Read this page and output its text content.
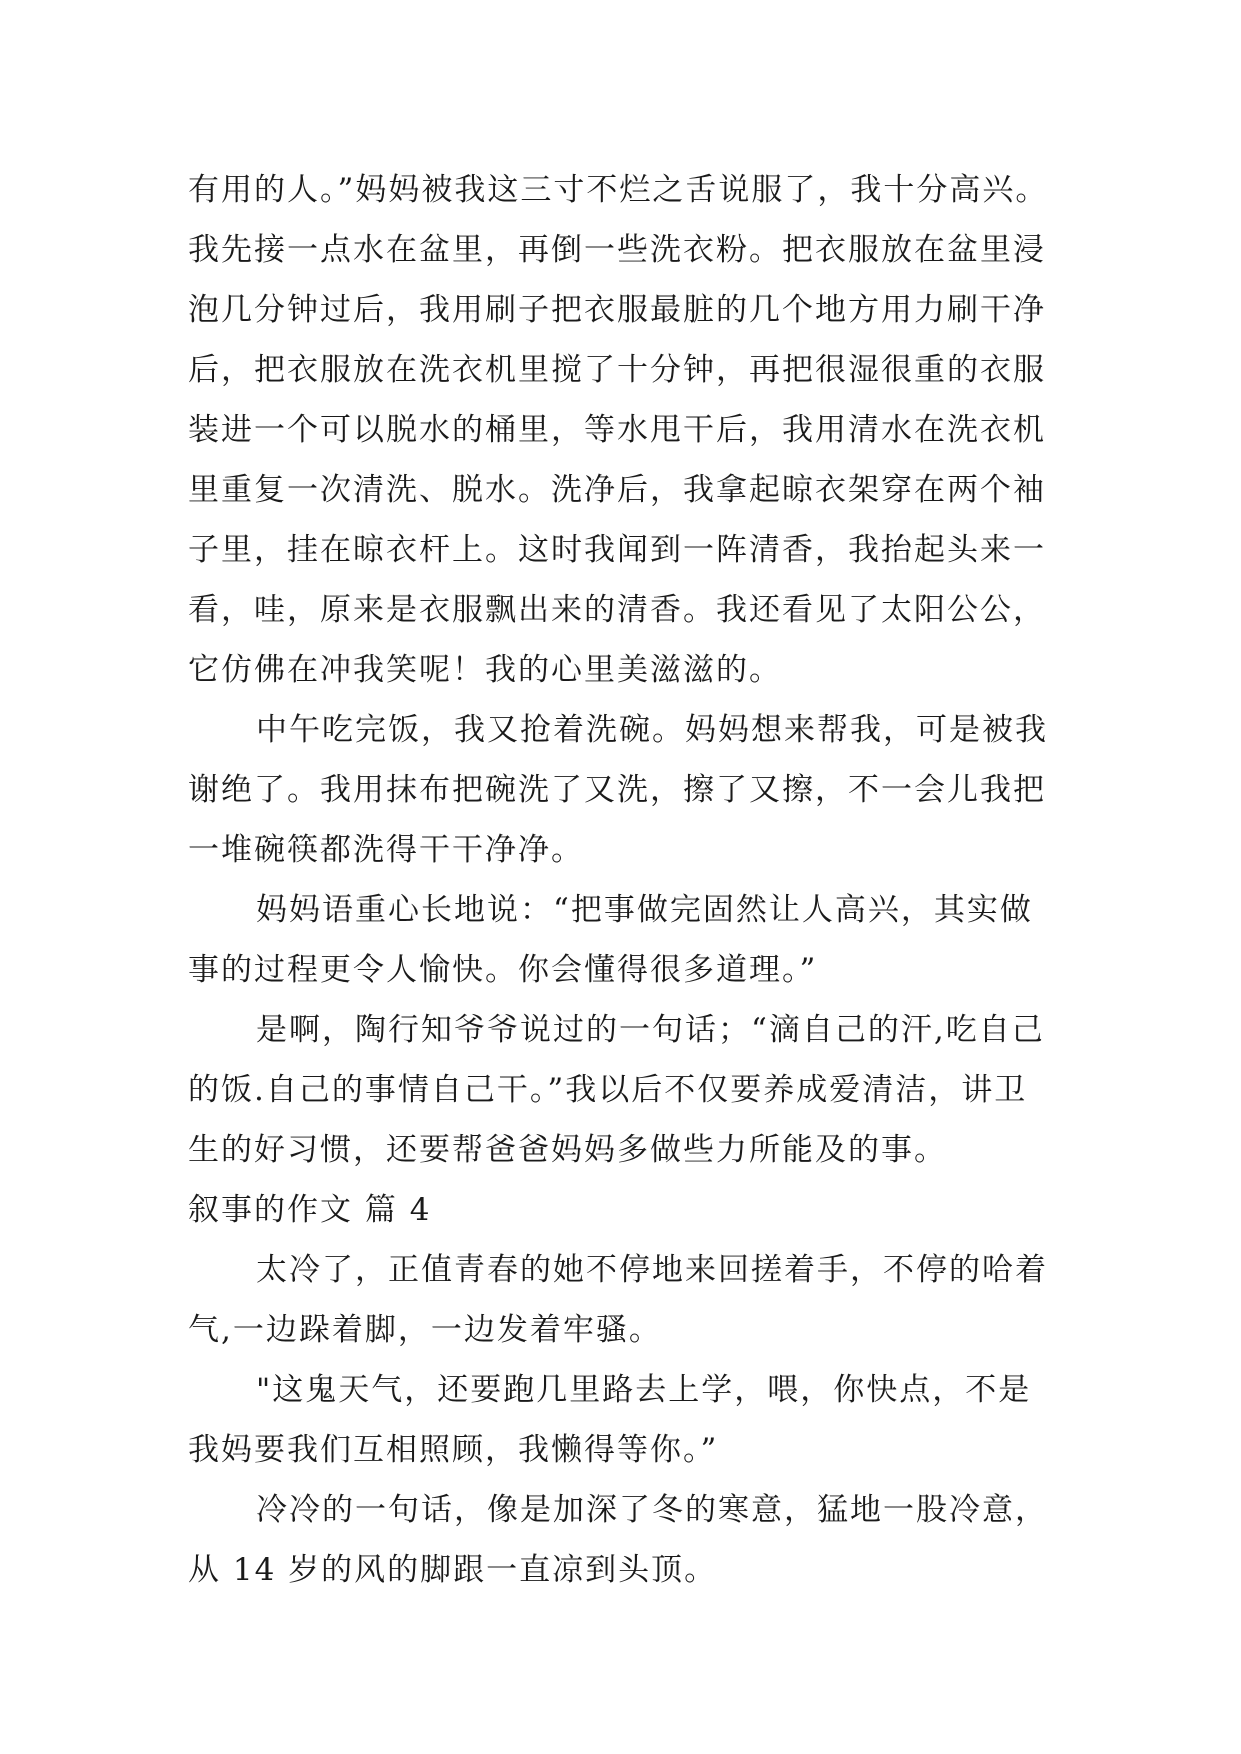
有用的人。”妈妈被我这三寸不烂之舌说服了，我十分高兴。
我先接一点水在盆里，再倒一些洗衣粉。把衣服放在盆里浸
泡几分钟过后，我用刷子把衣服最脏的几个地方用力刷干净
后，把衣服放在洗衣机里搅了十分钟，再把很湿很重的衣服
装进一个可以脱水的桶里，等水甩干后，我用清水在洗衣机
里重复一次清洗、脱水。洗净后，我拿起晾衣架穿在两个袖
子里，挂在晾衣杆上。这时我闻到一阵清香，我抬起头来一
看，哇，原来是衣服飘出来的清香。我还看见了太阳公公，
它仿佛在冲我笑呢！我的心里美滋滋的。
中午吃完饭，我又抢着洗碗。妈妈想来帮我，可是被我
谢绝了。我用抹布把碗洗了又洗，擦了又擦，不一会儿我把
一堆碗筷都洗得干干净净。
妈妈语重心长地说：“把事做完固然让人高兴，其实做
事的过程更令人愉快。你会懂得很多道理。”
是啊，陶行知爷爷说过的一句话；“滴自己的汗,吃自己
的饭.自己的事情自己干。”我以后不仅要养成爱清洁，讲卫
生的好习惯，还要帮爸爸妈妈多做些力所能及的事。
叙事的作文 篇 4
太冷了，正值青春的她不停地来回搓着手，不停的哈着
气,一边跺着脚，一边发着牢骚。
"这鬼天气，还要跑几里路去上学，喂，你快点，不是
我妈要我们互相照顾，我懒得等你。”
冷冷的一句话，像是加深了冬的寒意，猛地一股冷意，
从 14 岁的风的脚跟一直凉到头顶。
